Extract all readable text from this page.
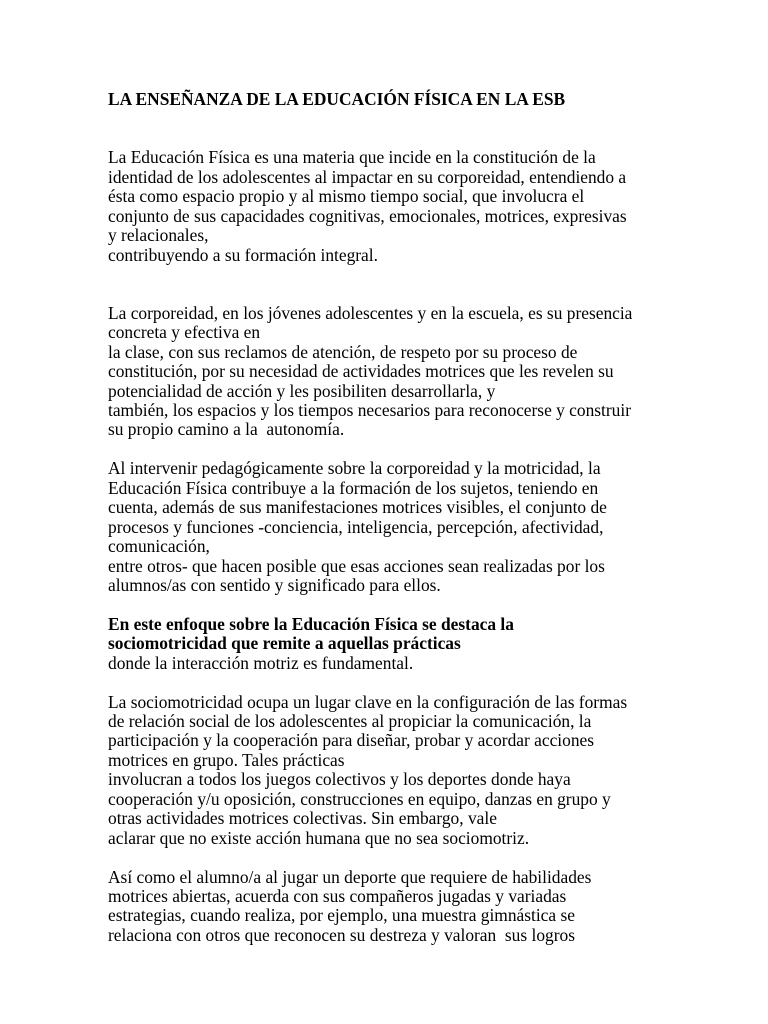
LA ENSEÑANZA DE LA EDUCACIÓN FÍSICA EN LA ESB
La Educación Física es una materia que incide en la constitución de la
identidad de los adolescentes al impactar en su corporeidad, entendiendo a
ésta como espacio propio y al mismo tiempo social, que involucra el
conjunto de sus capacidades cognitivas, emocionales, motrices, expresivas
y relacionales,
contribuyendo a su formación integral.
La corporeidad, en los jóvenes adolescentes y en la escuela, es su presencia
concreta y efectiva en
la clase, con sus reclamos de atención, de respeto por su proceso de
constitución, por su necesidad de actividades motrices que les revelen su
potencialidad de acción y les posibiliten desarrollarla, y
también, los espacios y los tiempos necesarios para reconocerse y construir
su propio camino a la  autonomía.
Al intervenir pedagógicamente sobre la corporeidad y la motricidad, la
Educación Física contribuye a la formación de los sujetos, teniendo en
cuenta, además de sus manifestaciones motrices visibles, el conjunto de
procesos y funciones -conciencia, inteligencia, percepción, afectividad,
comunicación,
entre otros- que hacen posible que esas acciones sean realizadas por los
alumnos/as con sentido y significado para ellos.
En este enfoque sobre la Educación Física se destaca la
sociomotricidad que remite a aquellas prácticas
donde la interacción motriz es fundamental.
La sociomotricidad ocupa un lugar clave en la configuración de las formas
de relación social de los adolescentes al propiciar la comunicación, la
participación y la cooperación para diseñar, probar y acordar acciones
motrices en grupo. Tales prácticas
involucran a todos los juegos colectivos y los deportes donde haya
cooperación y/u oposición, construcciones en equipo, danzas en grupo y
otras actividades motrices colectivas. Sin embargo, vale
aclarar que no existe acción humana que no sea sociomotriz.
Así como el alumno/a al jugar un deporte que requiere de habilidades
motrices abiertas, acuerda con sus compañeros jugadas y variadas
estrategias, cuando realiza, por ejemplo, una muestra gimnástica se
relaciona con otros que reconocen su destreza y valoran  sus logros
